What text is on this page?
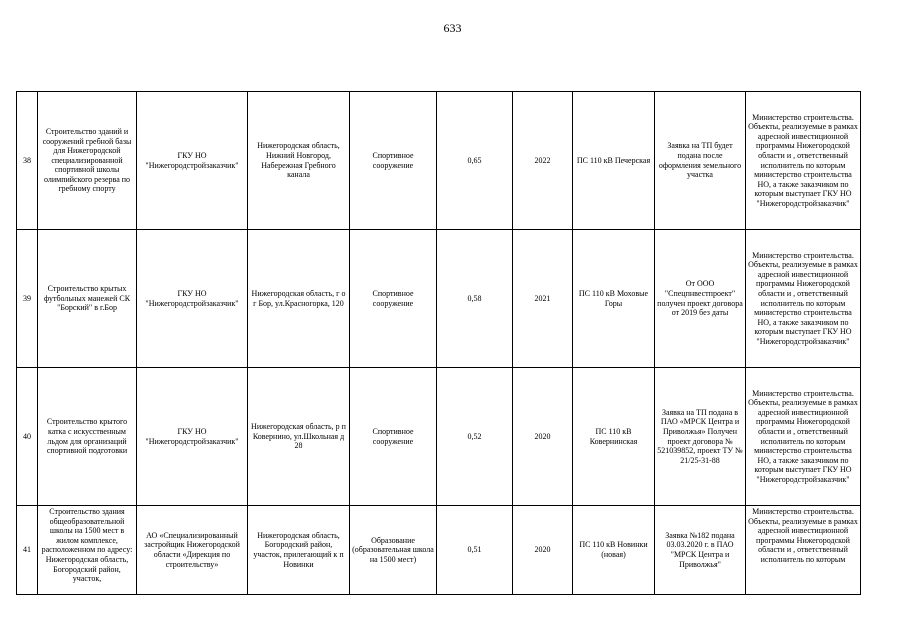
633
38	Строительство зданий и сооружений гребной базы для Нижегородской специализированной спортивной школы олимпийского резерва по гребному спорту	ГКУ НО "Нижегородстройзаказчик"	Нижегородская область, Нижний Новгород, Набережная Гребного канала	Спортивное сооружение	0,65	2022	ПС 110 кВ Печерская	Заявка на ТП будет подана после оформления земельного участка	Министерство строительства. Объекты, реализуемые в рамках адресной инвестиционной программы Нижегородской области и , ответственный исполнитель по которым министерство строительства НО, а также заказчиком по которым выступает ГКУ НО "Нижегородстройзаказчик"
39	Строительство крытых футбольных манежей СК "Борский" в г.Бор	ГКУ НО "Нижегородстройзаказчик"	Нижегородская область, г о г Бор, ул.Красногорка, 120	Спортивное сооружение	0,58	2021	ПС 110 кВ Моховые Горы	От ООО "Спецпнвестпроект" получен проект договора от 2019 без даты	Министерство строительства. Объекты, реализуемые в рамках адресной инвестиционной программы Нижегородской области и , ответственный исполнитель по которым министерство строительства НО, а также заказчиком по которым выступает ГКУ НО "Нижегородстройзаказчик"
40	Строительство крытого катка с искусственным льдом для организаций спортивной подготовки	ГКУ НО "Нижегородстройзаказчик"	Нижегородская область, р п Ковернино, ул.Школьная д 28	Спортивное сооружение	0,52	2020	ПС 110 кВ Ковернинская	Заявка на ТП подана в ПАО «МРСК Центра и Приволжья» Получен проект договора № 521039852, проект ТУ № 21/25-31-88	Министерство строительства. Объекты, реализуемые в рамках адресной инвестиционной программы Нижегородской области и , ответственный исполнитель по которым министерство строительства НО, а также заказчиком по которым выступает ГКУ НО "Нижегородстройзаказчик"
41	Строительство здания общеобразовательной школы на 1500 мест в жилом комплексе, расположенном по адресу: Нижегородская область, Богородский район, участок,	АО «Специализированный застройщик Нижегородской области «Дирекция по строительству»	Нижегородская область, Богородский район, участок, прилегающий к п Новинки	Образование (образовательная школа на 1500 мест)	0,51	2020	ПС 110 кВ Новинки (новая)	Заявка №182 подана 03.03.2020 г. в ПАО "МРСК Центра и Приволжья"	Министерство строительства. Объекты, реализуемые в рамках адресной инвестиционной программы Нижегородской области и , ответственный исполнитель по которым
